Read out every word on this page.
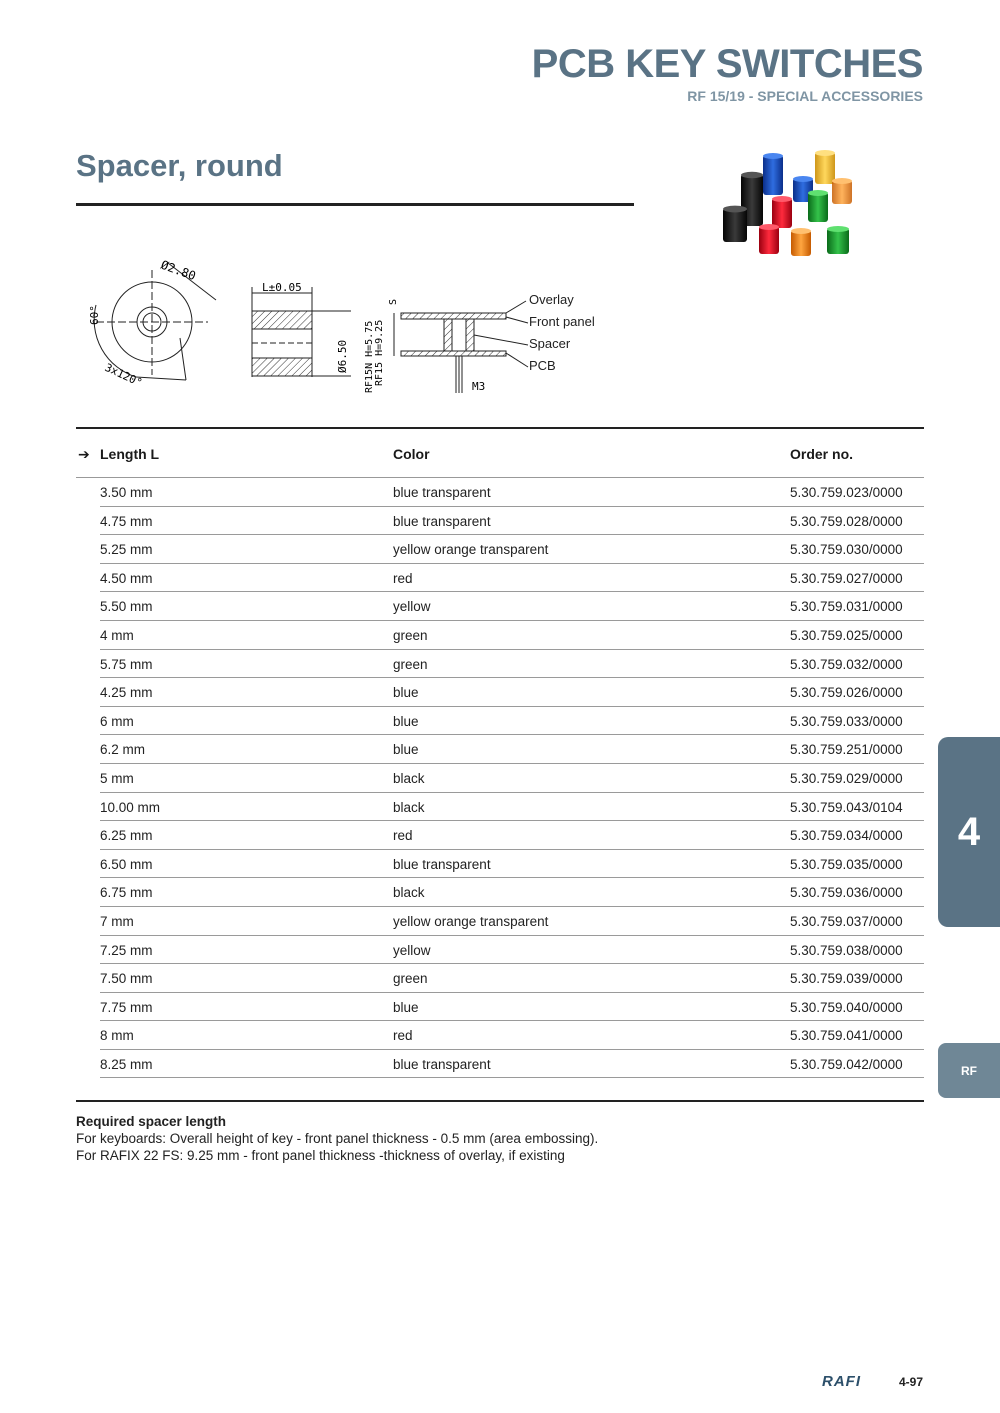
PCB KEY SWITCHES
RF 15/19 - SPECIAL ACCESSORIES
Spacer, round
Ø2.80
60°
3x120°
L±0.05
Ø6.50
S
RF15N H=5.75 RF15 H=9.25
M3
Overlay
Front panel
Spacer
PCB
➔ Length L	Color	Order no.
3.50 mm	blue transparent	5.30.759.023/0000
4.75 mm	blue transparent	5.30.759.028/0000
5.25 mm	yellow orange transparent	5.30.759.030/0000
4.50 mm	red	5.30.759.027/0000
5.50 mm	yellow	5.30.759.031/0000
4 mm	green	5.30.759.025/0000
5.75 mm	green	5.30.759.032/0000
4.25 mm	blue	5.30.759.026/0000
6 mm	blue	5.30.759.033/0000
6.2 mm	blue	5.30.759.251/0000
5 mm	black	5.30.759.029/0000
10.00 mm	black	5.30.759.043/0104
6.25 mm	red	5.30.759.034/0000
6.50 mm	blue transparent	5.30.759.035/0000
6.75 mm	black	5.30.759.036/0000
7 mm	yellow orange transparent	5.30.759.037/0000
7.25 mm	yellow	5.30.759.038/0000
7.50 mm	green	5.30.759.039/0000
7.75 mm	blue	5.30.759.040/0000
8 mm	red	5.30.759.041/0000
8.25 mm	blue transparent	5.30.759.042/0000
Required spacer length
For keyboards: Overall height of key - front panel thickness - 0.5 mm (area embossing).
For RAFIX 22 FS: 9.25 mm - front panel thickness -thickness of overlay, if existing
4
RF
RAFI	4-97
